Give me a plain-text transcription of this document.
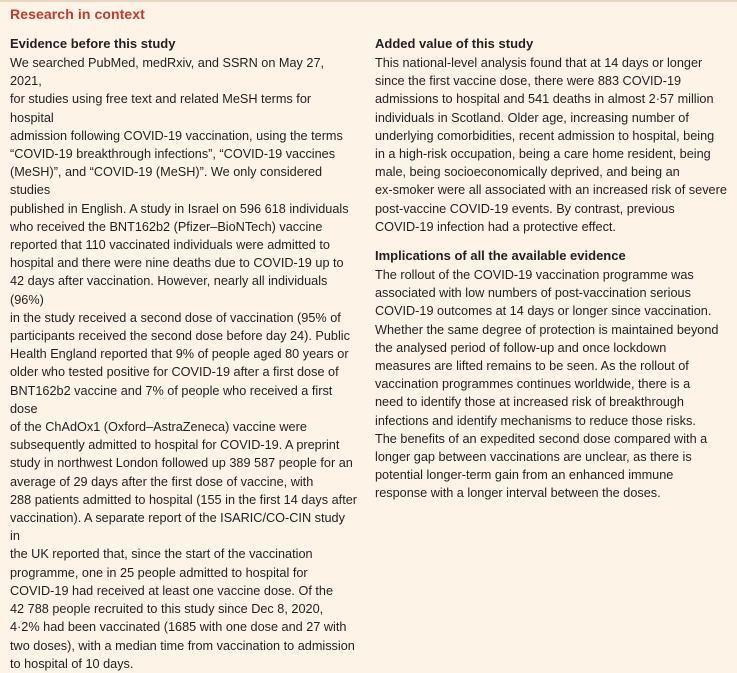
Research in context
Evidence before this study

We searched PubMed, medRxiv, and SSRN on May 27, 2021,
for studies using free text and related MeSH terms for hospital
admission following COVID-19 vaccination, using the terms
“COVID-19 breakthrough infections”, “COVID-19 vaccines
(MeSH)”, and “COVID-19 (MeSH)”. We only considered studies
published in English. A study in Israel on 596 618 individuals
who received the BNT162b2 (Pfizer–BioNTech) vaccine
reported that 110 vaccinated individuals were admitted to
hospital and there were nine deaths due to COVID-19 up to
42 days after vaccination. However, nearly all individuals (96%)
in the study received a second dose of vaccination (95% of
participants received the second dose before day 24). Public
Health England reported that 9% of people aged 80 years or
older who tested positive for COVID-19 after a first dose of
BNT162b2 vaccine and 7% of people who received a first dose
of the ChAdOx1 (Oxford–AstraZeneca) vaccine were
subsequently admitted to hospital for COVID-19. A preprint
study in northwest London followed up 389 587 people for an
average of 29 days after the first dose of vaccine, with
288 patients admitted to hospital (155 in the first 14 days after
vaccination). A separate report of the ISARIC/CO-CIN study in
the UK reported that, since the start of the vaccination
programme, one in 25 people admitted to hospital for
COVID-19 had received at least one vaccine dose. Of the
42 788 people recruited to this study since Dec 8, 2020,
4·2% had been vaccinated (1685 with one dose and 27 with
two doses), with a median time from vaccination to admission
to hospital of 10 days.

Added value of this study

This national-level analysis found that at 14 days or longer
since the first vaccine dose, there were 883 COVID-19
admissions to hospital and 541 deaths in almost 2·57 million
individuals in Scotland. Older age, increasing number of
underlying comorbidities, recent admission to hospital, being
in a high-risk occupation, being a care home resident, being
male, being socioeconomically deprived, and being an
ex-smoker were all associated with an increased risk of severe
post-vaccine COVID-19 events. By contrast, previous
COVID-19 infection had a protective effect.

Implications of all the available evidence

The rollout of the COVID-19 vaccination programme was
associated with low numbers of post-vaccination serious
COVID-19 outcomes at 14 days or longer since vaccination.
Whether the same degree of protection is maintained beyond
the analysed period of follow-up and once lockdown
measures are lifted remains to be seen. As the rollout of
vaccination programmes continues worldwide, there is a
need to identify those at increased risk of breakthrough
infections and identify mechanisms to reduce those risks.
The benefits of an expedited second dose compared with a
longer gap between vaccinations are unclear, as there is
potential longer-term gain from an enhanced immune
response with a longer interval between the doses.
